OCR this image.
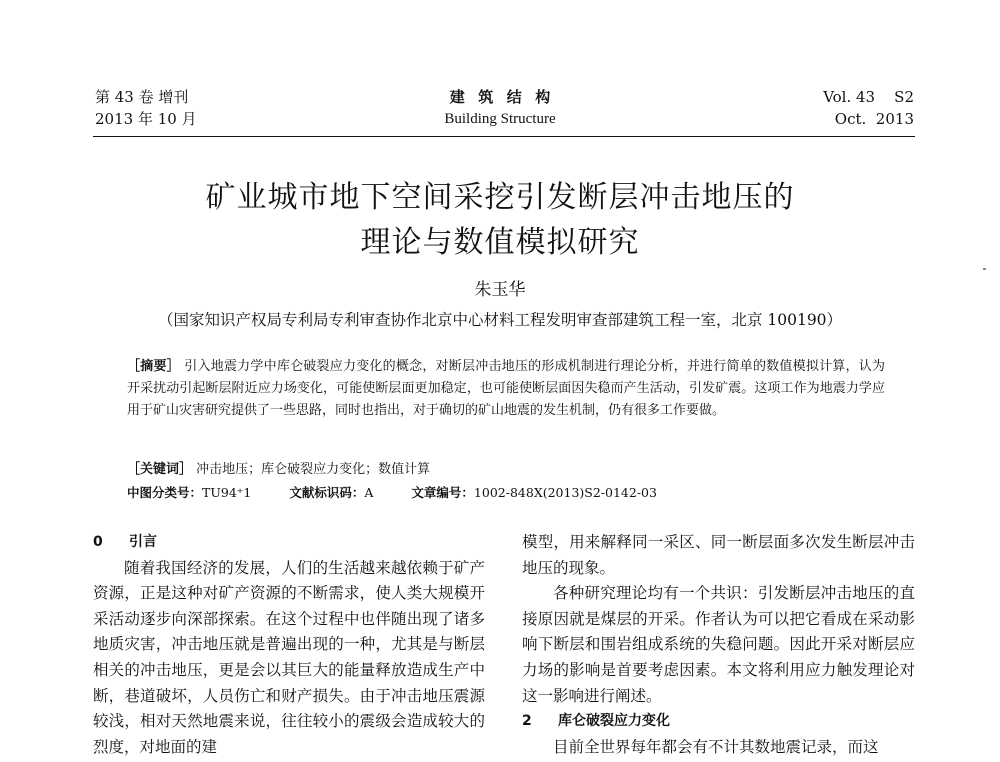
第 43 卷 增刊
2013 年 10 月
建筑结构
Building Structure
Vol. 43    S2
Oct.  2013
矿业城市地下空间采挖引发断层冲击地压的
理论与数值模拟研究
朱玉华
（国家知识产权局专利局专利审查协作北京中心材料工程发明审查部建筑工程一室，北京 100190）
［摘要］ 引入地震力学中库仑破裂应力变化的概念，对断层冲击地压的形成机制进行理论分析，并进行简单的数值模拟计算，认为开采扰动引起断层附近应力场变化，可能使断层面更加稳定，也可能使断层面因失稳而产生活动，引发矿震。这项工作为地震力学应用于矿山灾害研究提供了一些思路，同时也指出，对于确切的矿山地震的发生机制，仍有很多工作要做。
［关键词］ 冲击地压；库仑破裂应力变化；数值计算
中图分类号：TU94⁺1	文献标识码：A	文章编号：1002-848X(2013)S2-0142-03
0 引言

随着我国经济的发展，人们的生活越来越依赖于矿产资源，正是这种对矿产资源的不断需求，使人类大规模开采活动逐步向深部探索。在这个过程中也伴随出现了诸多地质灾害，冲击地压就是普遍出现的一种，尤其是与断层相关的冲击地压，更是会以其巨大的能量释放造成生产中断，巷道破坏，人员伤亡和财产损失。由于冲击地压震源较浅，相对天然地震来说，往往较小的震级会造成较大的烈度，对地面的建

模型，用来解释同一采区、同一断层面多次发生断层冲击地压的现象。

各种研究理论均有一个共识：引发断层冲击地压的直接原因就是煤层的开采。作者认为可以把它看成在采动影响下断层和围岩组成系统的失稳问题。因此开采对断层应力场的影响是首要考虑因素。本文将利用应力触发理论对这一影响进行阐述。

2 库仑破裂应力变化

目前全世界每年都会有不计其数地震记录，而这
